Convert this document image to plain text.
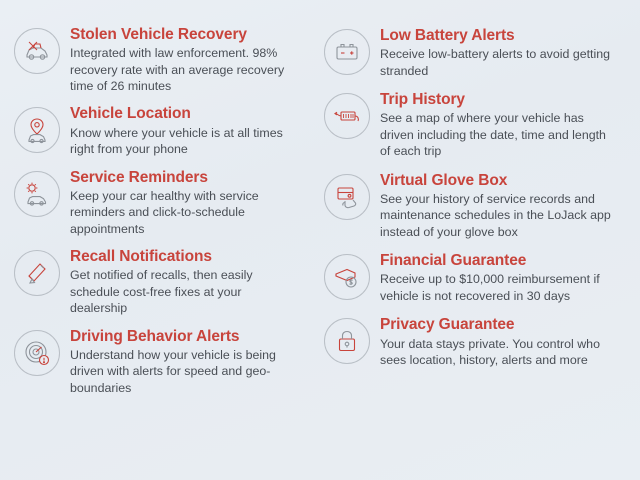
Stolen Vehicle Recovery
Integrated with law enforcement. 98% recovery rate with an average recovery time of 26 minutes
Vehicle Location
Know where your vehicle is at all times right from your phone
Service Reminders
Keep your car healthy with service reminders and click-to-schedule appointments
Recall Notifications
Get notified of recalls, then easily schedule cost-free fixes at your dealership
Driving Behavior Alerts
Understand how your vehicle is being driven with alerts for speed and geo-boundaries
Low Battery Alerts
Receive low-battery alerts to avoid getting stranded
Trip History
See a map of where your vehicle has driven including the date, time and length of each trip
Virtual Glove Box
See your history of service records and maintenance schedules in the LoJack app instead of your glove box
Financial Guarantee
Receive up to $10,000 reimbursement if vehicle is not recovered in 30 days
Privacy Guarantee
Your data stays private. You control who sees location, history, alerts and more
